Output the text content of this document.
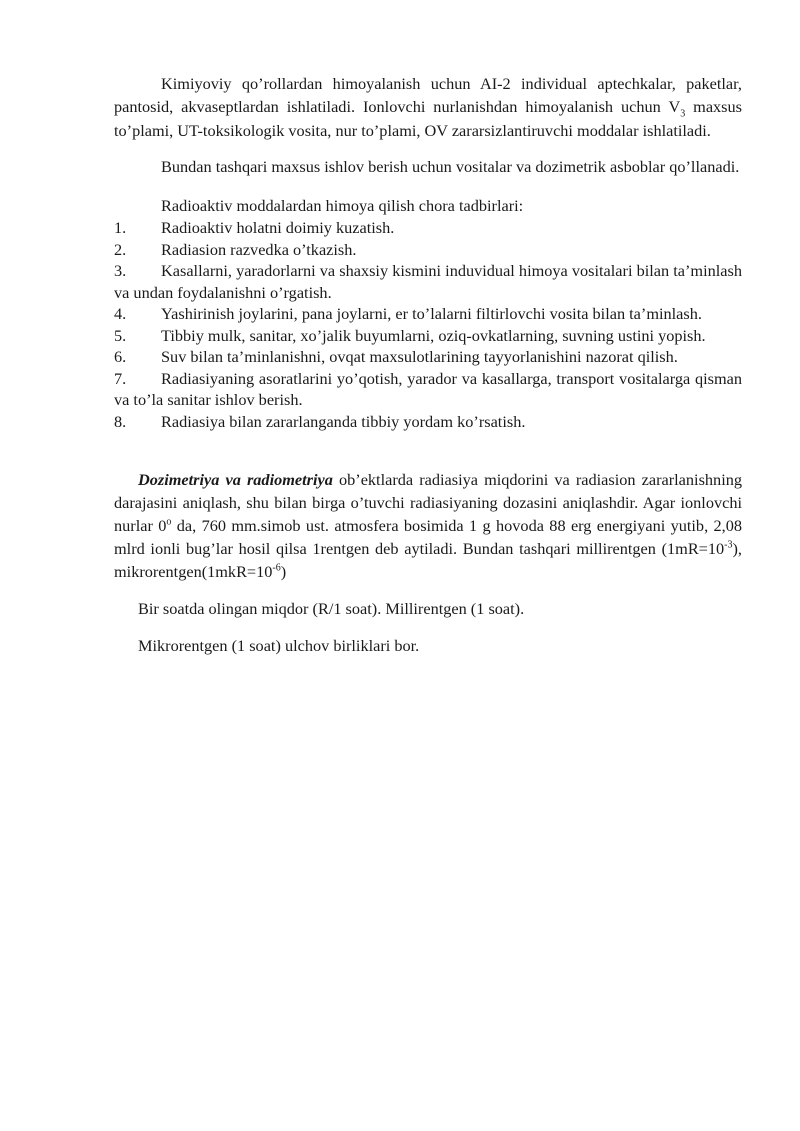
Kimiyoviy qo’rollardan himoyalanish uchun AI-2 individual aptechkalar, paketlar, pantosid, akvaseptlardan ishlatiladi. Ionlovchi nurlanishdan himoyalanish uchun $V_3$ maxsus to’plami, UT-toksikologik vosita, nur to’plami, OV zararsizlantiruvchi moddalar ishlatiladi.

Bundan tashqari maxsus ishlov berish uchun vositalar va dozimetrik asboblar qo’llanadi.

Radioaktiv moddalardan himoya qilish chora tadbirlari:

1. Radioaktiv holatni doimiy kuzatish.
2. Radiasion razvedka o’tkazish.
3. Kasallarni, yaradorlarni va shaxsiy kismini induvidual himoya vositalari bilan ta’minlash va undan foydalanishni o’rgatish.
4. Yashirinish joylarini, pana joylarni, er to’lalarni filtirlovchi vosita bilan ta’minlash.
5. Tibbiy mulk, sanitar, xo’jalik buyumlarni, oziq-ovkatlarning, suvning ustini yopish.
6. Suv bilan ta’minlanishni, ovqat maxsulotlarining tayyorlanishini nazorat qilish.
7. Radiasiyaning asoratlarini yo’qotish, yarador va kasallarga, transport vositalarga qisman va to’la sanitar ishlov berish.
8. Radiasiya bilan zararlanganda tibbiy yordam ko’rsatish.

Dozimetriya va radiometriya ob’ektlarda radiasiya miqdorini va radiasion zararlanishning darajasini aniqlash, shu bilan birga o’tuvchi radiasiyaning dozasini aniqlashdir. Agar ionlovchi nurlar 0$^o$ da, 760 mm.simob ust. atmosfera bosimida 1 g hovoda 88 erg energiyani yutib, 2,08 mlrd ionli bug’lar hosil qilsa 1rentgen deb aytiladi. Bundan tashqari millirentgen $(1mR=10^{-3})$, $mikrorentgen(1mkR=10^{-6})$

Bir soatda olingan miqdor (R/1 soat). Millirentgen (1 soat).

Mikrorentgen (1 soat) ulchov birliklari bor.
